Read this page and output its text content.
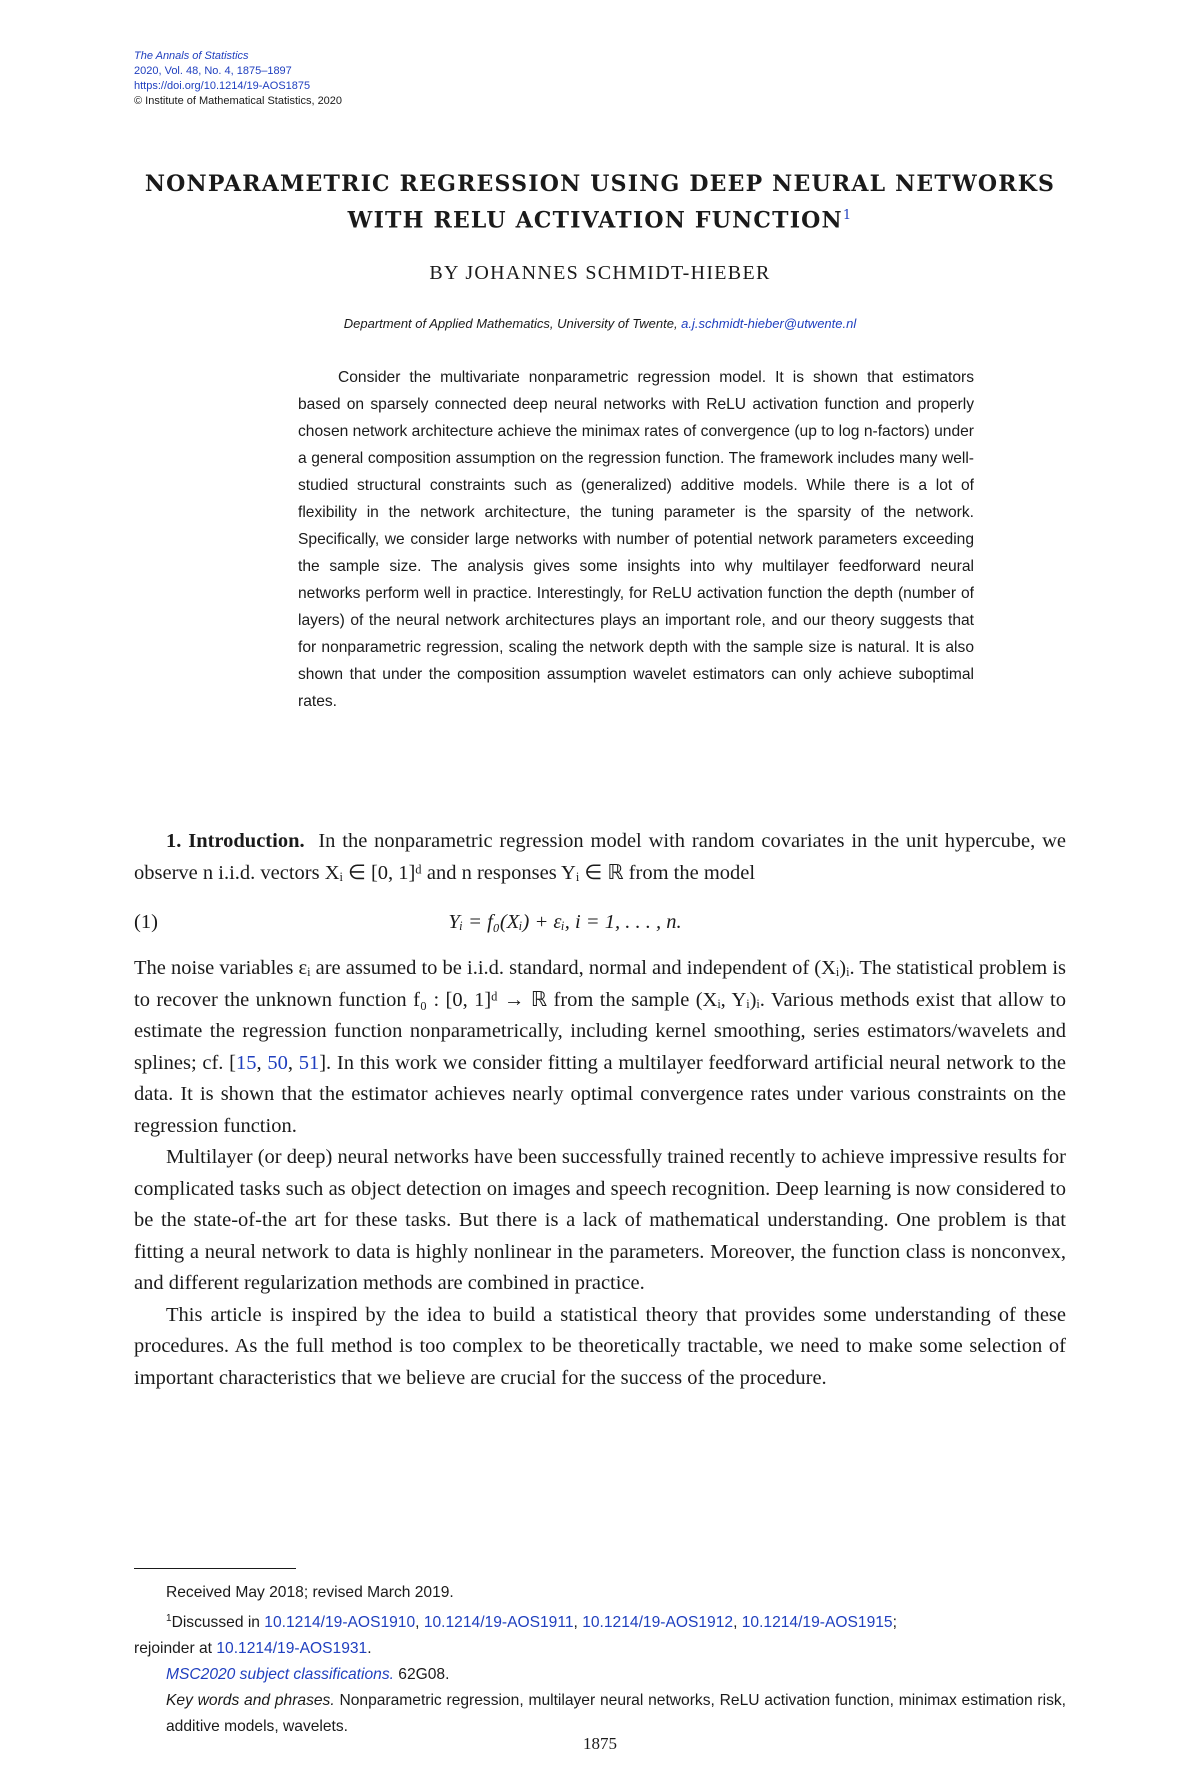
The Annals of Statistics
2020, Vol. 48, No. 4, 1875–1897
https://doi.org/10.1214/19-AOS1875
© Institute of Mathematical Statistics, 2020
NONPARAMETRIC REGRESSION USING DEEP NEURAL NETWORKS
WITH RELU ACTIVATION FUNCTION$^1$
BY JOHANNES SCHMIDT-HIEBER
Department of Applied Mathematics, University of Twente, a.j.schmidt-hieber@utwente.nl

Consider the multivariate nonparametric regression model. It is shown that estimators based on sparsely connected deep neural networks with ReLU activation function and properly chosen network architecture achieve the minimax rates of convergence (up to log n-factors) under a general composition assumption on the regression function. The framework includes many well-studied structural constraints such as (generalized) additive models. While there is a lot of flexibility in the network architecture, the tuning parameter is the sparsity of the network. Specifically, we consider large networks with number of potential network parameters exceeding the sample size. The analysis gives some insights into why multilayer feedforward neural networks perform well in practice. Interestingly, for ReLU activation function the depth (number of layers) of the neural network architectures plays an important role, and our theory suggests that for nonparametric regression, scaling the network depth with the sample size is natural. It is also shown that under the composition assumption wavelet estimators can only achieve suboptimal rates.

1. Introduction. In the nonparametric regression model with random covariates in the unit hypercube, we observe n i.i.d. vectors Xᵢ ∈ [0, 1]ᵈ and n responses Yᵢ ∈ ℝ from the model

(1)	Yᵢ = f₀(Xᵢ) + εᵢ, i = 1, . . . , n.

The noise variables εᵢ are assumed to be i.i.d. standard, normal and independent of (Xᵢ)ᵢ. The statistical problem is to recover the unknown function f₀ : [0, 1]ᵈ → ℝ from the sample (Xᵢ, Yᵢ)ᵢ. Various methods exist that allow to estimate the regression function nonparametrically, including kernel smoothing, series estimators/wavelets and splines; cf. [15, 50, 51]. In this work we consider fitting a multilayer feedforward artificial neural network to the data. It is shown that the estimator achieves nearly optimal convergence rates under various constraints on the regression function.

Multilayer (or deep) neural networks have been successfully trained recently to achieve impressive results for complicated tasks such as object detection on images and speech recognition. Deep learning is now considered to be the state-of-the art for these tasks. But there is a lack of mathematical understanding. One problem is that fitting a neural network to data is highly nonlinear in the parameters. Moreover, the function class is nonconvex, and different regularization methods are combined in practice.

This article is inspired by the idea to build a statistical theory that provides some understanding of these procedures. As the full method is too complex to be theoretically tractable, we need to make some selection of important characteristics that we believe are crucial for the success of the procedure.

Received May 2018; revised March 2019.

$^1$Discussed in 10.1214/19-AOS1910, 10.1214/19-AOS1911, 10.1214/19-AOS1912, 10.1214/19-AOS1915;

rejoinder at 10.1214/19-AOS1931.

MSC2020 subject classifications. 62G08.

Key words and phrases. Nonparametric regression, multilayer neural networks, ReLU activation function, minimax estimation risk, additive models, wavelets.

1875
